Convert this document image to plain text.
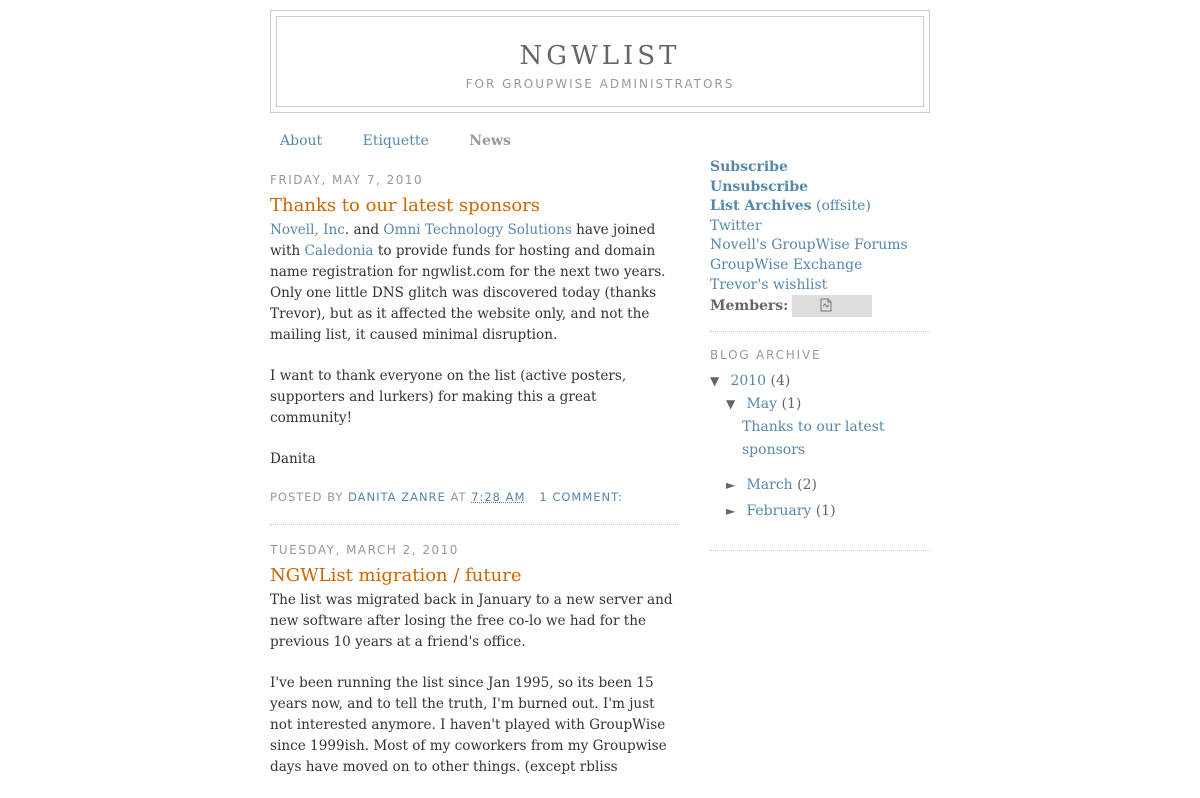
NGWLIST
FOR GROUPWISE ADMINISTRATORS
About	Etiquette	News
FRIDAY, MAY 7, 2010
Thanks to our latest sponsors

Novell, Inc. and Omni Technology Solutions have joined with Caledonia to provide funds for hosting and domain name registration for ngwlist.com for the next two years. Only one little DNS glitch was discovered today (thanks Trevor), but as it affected the website only, and not the mailing list, it caused minimal disruption.

I want to thank everyone on the list (active posters, supporters and lurkers) for making this a great community!

Danita

POSTED BY DANITA ZANRE AT 7:28 AM 1 COMMENT:
TUESDAY, MARCH 2, 2010
NGWList migration / future

The list was migrated back in January to a new server and new software after losing the free co-lo we had for the previous 10 years at a friend's office.

I've been running the list since Jan 1995, so its been 15 years now, and to tell the truth, I'm burned out. I'm just not interested anymore. I haven't played with GroupWise since 1999ish. Most of my coworkers from my Groupwise days have moved on to other things. (except rbliss

Subscribe
Unsubscribe
List Archives (offsite)
Twitter
Novell's GroupWise Forums
GroupWise Exchange
Trevor's wishlist
Members:
BLOG ARCHIVE
▼ 2010 (4)
▼ May (1)
Thanks to our latest sponsors
► March (2)
► February (1)
